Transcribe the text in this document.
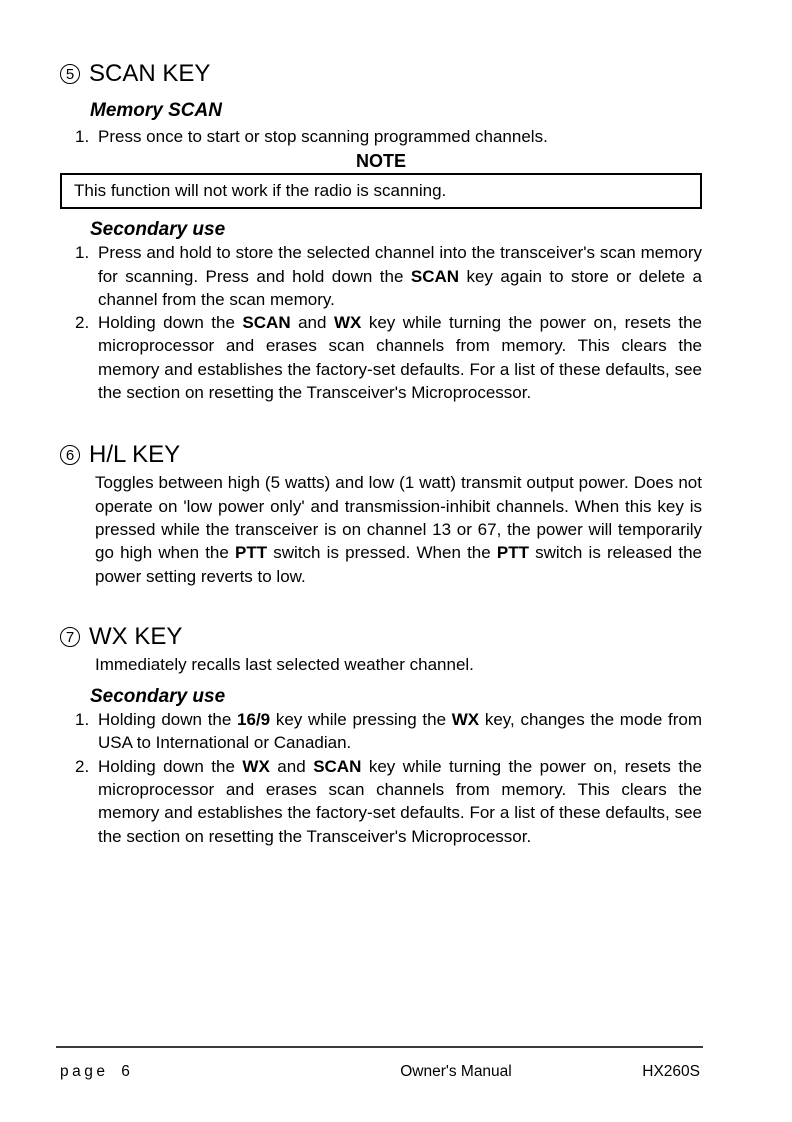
5 SCAN KEY
Memory SCAN
1. Press once to start or stop scanning programmed channels.
NOTE
This function will not work if the radio is scanning.
Secondary use
1. Press and hold to store the selected channel into the transceiver's scan memory for scanning. Press and hold down the SCAN key again to store or delete a channel from the scan memory.
2. Holding down the SCAN and WX key while turning the power on, resets the microprocessor and erases scan channels from memory. This clears the memory and establishes the factory-set defaults. For a list of these defaults, see the section on resetting the Transceiver's Microprocessor.
6 H/L KEY
Toggles between high (5 watts) and low (1 watt) transmit output power. Does not operate on 'low power only' and transmission-inhibit channels. When this key is pressed while the transceiver is on channel 13 or 67, the power will temporarily go high when the PTT switch is pressed. When the PTT switch is released the power setting reverts to low.
7 WX KEY
Immediately recalls last selected weather channel.
Secondary use
1. Holding down the 16/9 key while pressing the WX key, changes the mode from USA to International or Canadian.
2. Holding down the WX and SCAN key while turning the power on, resets the microprocessor and erases scan channels from memory. This clears the memory and establishes the factory-set defaults. For a list of these defaults, see the section on resetting the Transceiver's Microprocessor.
page 6	Owner's Manual	HX260S
